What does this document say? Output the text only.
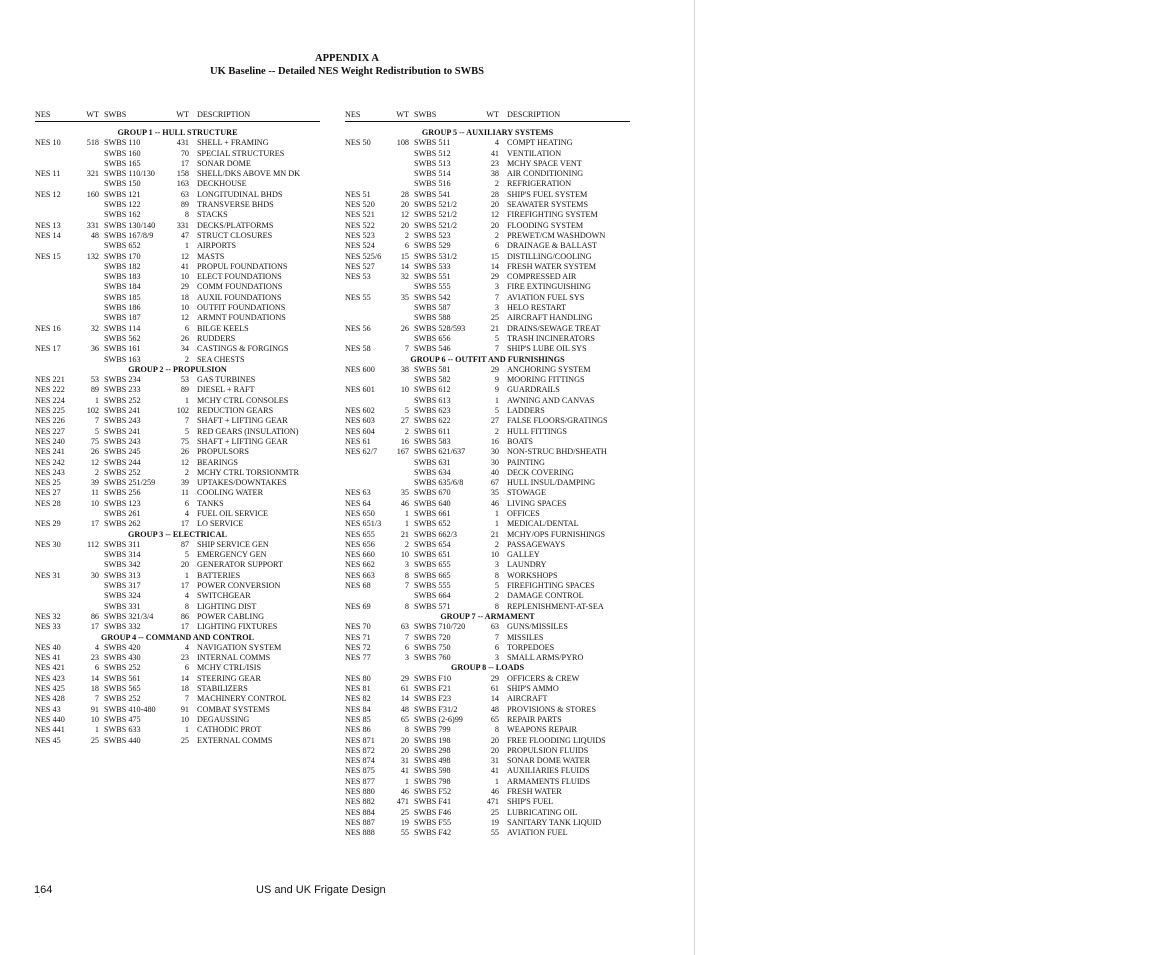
APPENDIX A
UK Baseline -- Detailed NES Weight Redistribution to SWBS
NES	WT SWBS	WT DESCRIPTION
GROUP 1 -- HULL STRUCTURE
NES 10	518 SWBS 110	431 SHELL + FRAMING
SWBS 160	70 SPECIAL STRUCTURES
SWBS 165	17 SONAR DOME
NES 11	321 SWBS 110/130	158 SHELL/DKS ABOVE MN DK
SWBS 150	163 DECKHOUSE
NES 12	160 SWBS 121	63 LONGITUDINAL BHDS
SWBS 122	89 TRANSVERSE BHDS
SWBS 162	8 STACKS
NES 13	331 SWBS 130/140	331 DECKS/PLATFORMS
NES 14	48 SWBS 167/8/9	47 STRUCT CLOSURES
SWBS 652	1 AIRPORTS
NES 15	132 SWBS 170	12 MASTS
SWBS 182	41 PROPUL FOUNDATIONS
SWBS 183	10 ELECT FOUNDATIONS
SWBS 184	29 COMM FOUNDATIONS
SWBS 185	18 AUXIL FOUNDATIONS
SWBS 186	10 OUTFIT FOUNDATIONS
SWBS 187	12 ARMNT FOUNDATIONS
NES 16	32 SWBS 114	6 BILGE KEELS
SWBS 562	26 RUDDERS
NES 17	36 SWBS 161	34 CASTINGS & FORGINGS
SWBS 163	2 SEA CHESTS
GROUP 2 -- PROPULSION
NES 221	53 SWBS 234	53 GAS TURBINES
NES 222	89 SWBS 233	89 DIESEL + RAFT
NES 224	1 SWBS 252	1 MCHY CTRL CONSOLES
NES 225	102 SWBS 241	102 REDUCTION GEARS
NES 226	7 SWBS 243	7 SHAFT + LIFTING GEAR
NES 227	5 SWBS 241	5 RED GEARS (INSULATION)
NES 240	75 SWBS 243	75 SHAFT + LIFTING GEAR
NES 241	26 SWBS 245	26 PROPULSORS
NES 242	12 SWBS 244	12 BEARINGS
NES 243	2 SWBS 252	2 MCHY CTRL TORSIONMTR
NES 25	39 SWBS 251/259	39 UPTAKES/DOWNTAKES
NES 27	11 SWBS 256	11 COOLING WATER
NES 28	10 SWBS 123	6 TANKS
SWBS 261	4 FUEL OIL SERVICE
NES 29	17 SWBS 262	17 LO SERVICE
GROUP 3 -- ELECTRICAL
NES 30	112 SWBS 311	87 SHIP SERVICE GEN
SWBS 314	5 EMERGENCY GEN
SWBS 342	20 GENERATOR SUPPORT
NES 31	30 SWBS 313	1 BATTERIES
SWBS 317	17 POWER CONVERSION
SWBS 324	4 SWITCHGEAR
SWBS 331	8 LIGHTING DIST
NES 32	86 SWBS 321/3/4	86 POWER CABLING
NES 33	17 SWBS 332	17 LIGHTING FIXTURES
GROUP 4 -- COMMAND AND CONTROL
NES 40	4 SWBS 420	4 NAVIGATION SYSTEM
NES 41	23 SWBS 430	23 INTERNAL COMMS
NES 421	6 SWBS 252	6 MCHY CTRL/ISIS
NES 423	14 SWBS 561	14 STEERING GEAR
NES 425	18 SWBS 565	18 STABILIZERS
NES 428	7 SWBS 252	7 MACHINERY CONTROL
NES 43	91 SWBS 410-480	91 COMBAT SYSTEMS
NES 440	10 SWBS 475	10 DEGAUSSING
NES 441	1 SWBS 633	1 CATHODIC PROT
NES 45	25 SWBS 440	25 EXTERNAL COMMS
NES	WT SWBS	WT DESCRIPTION
GROUP 5 -- AUXILIARY SYSTEMS
NES 50	108 SWBS 511	4 COMPT HEATING
SWBS 512	41 VENTILATION
SWBS 513	23 MCHY SPACE VENT
SWBS 514	38 AIR CONDITIONING
SWBS 516	2 REFRIGERATION
NES 51	28 SWBS 541	28 SHIP'S FUEL SYSTEM
NES 520	20 SWBS 521/2	20 SEAWATER SYSTEMS
NES 521	12 SWBS 521/2	12 FIREFIGHTING SYSTEM
NES 522	20 SWBS 521/2	20 FLOODING SYSTEM
NES 523	2 SWBS 523	2 PREWET/CM WASHDOWN
NES 524	6 SWBS 529	6 DRAINAGE & BALLAST
NES 525/6	15 SWBS 531/2	15 DISTILLING/COOLING
NES 527	14 SWBS 533	14 FRESH WATER SYSTEM
NES 53	32 SWBS 551	29 COMPRESSED AIR
SWBS 555	3 FIRE EXTINGUISHING
NES 55	35 SWBS 542	7 AVIATION FUEL SYS
SWBS 587	3 HELO RESTART
SWBS 588	25 AIRCRAFT HANDLING
NES 56	26 SWBS 528/593	21 DRAINS/SEWAGE TREAT
SWBS 656	5 TRASH INCINERATORS
NES 58	7 SWBS 546	7 SHIP'S LUBE OIL SYS
GROUP 6 -- OUTFIT AND FURNISHINGS
NES 600	38 SWBS 581	29 ANCHORING SYSTEM
SWBS 582	9 MOORING FITTINGS
NES 601	10 SWBS 612	9 GUARDRAILS
SWBS 613	1 AWNING AND CANVAS
NES 602	5 SWBS 623	5 LADDERS
NES 603	27 SWBS 622	27 FALSE FLOORS/GRATINGS
NES 604	2 SWBS 611	2 HULL FITTINGS
NES 61	16 SWBS 583	16 BOATS
NES 62/7	167 SWBS 621/637	30 NON-STRUC BHD/SHEATH
SWBS 631	30 PAINTING
SWBS 634	40 DECK COVERING
SWBS 635/6/8	67 HULL INSUL/DAMPING
NES 63	35 SWBS 670	35 STOWAGE
NES 64	46 SWBS 640	46 LIVING SPACES
NES 650	1 SWBS 661	1 OFFICES
NES 651/3	1 SWBS 652	1 MEDICAL/DENTAL
NES 655	21 SWBS 662/3	21 MCHY/OPS FURNISHINGS
NES 656	2 SWBS 654	2 PASSAGEWAYS
NES 660	10 SWBS 651	10 GALLEY
NES 662	3 SWBS 655	3 LAUNDRY
NES 663	8 SWBS 665	8 WORKSHOPS
NES 68	7 SWBS 555	5 FIREFIGHTING SPACES
SWBS 664	2 DAMAGE CONTROL
NES 69	8 SWBS 571	8 REPLENISHMENT-AT-SEA
GROUP 7 -- ARMAMENT
NES 70	63 SWBS 710/720	63 GUNS/MISSILES
NES 71	7 SWBS 720	7 MISSILES
NES 72	6 SWBS 750	6 TORPEDOES
NES 77	3 SWBS 760	3 SMALL ARMS/PYRO
GROUP 8 -- LOADS
NES 80	29 SWBS F10	29 OFFICERS & CREW
NES 81	61 SWBS F21	61 SHIP'S AMMO
NES 82	14 SWBS F23	14 AIRCRAFT
NES 84	48 SWBS F31/2	48 PROVISIONS & STORES
NES 85	65 SWBS (2-6)99	65 REPAIR PARTS
NES 86	8 SWBS 799	8 WEAPONS REPAIR
NES 871	20 SWBS 198	20 FREE FLOODING LIQUIDS
NES 872	20 SWBS 298	20 PROPULSION FLUIDS
NES 874	31 SWBS 498	31 SONAR DOME WATER
NES 875	41 SWBS 598	41 AUXILIARIES FLUIDS
NES 877	1 SWBS 798	1 ARMAMENTS FLUIDS
NES 880	46 SWBS F52	46 FRESH WATER
NES 882	471 SWBS F41	471 SHIP'S FUEL
NES 884	25 SWBS F46	25 LUBRICATING OIL
NES 887	19 SWBS F55	19 SANITARY TANK LIQUID
NES 888	55 SWBS F42	55 AVIATION FUEL
164	US and UK Frigate Design
´
